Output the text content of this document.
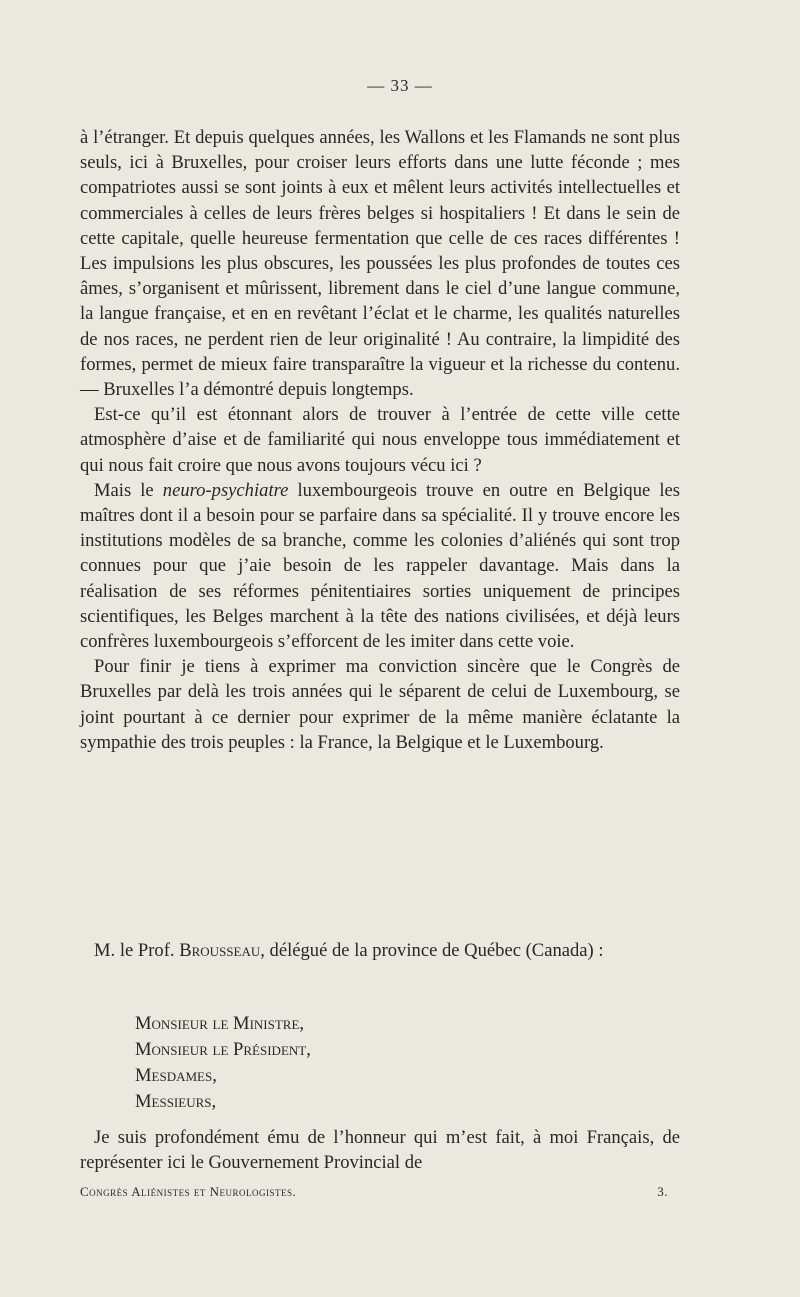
— 33 —

à l’étranger. Et depuis quelques années, les Wallons et les Flamands ne sont plus seuls, ici à Bruxelles, pour croiser leurs efforts dans une lutte féconde ; mes compatriotes aussi se sont joints à eux et mêlent leurs activités intellectuelles et commerciales à celles de leurs frères belges si hospitaliers ! Et dans le sein de cette capitale, quelle heureuse fermentation que celle de ces races différentes ! Les impulsions les plus obscures, les poussées les plus profondes de toutes ces âmes, s’organisent et mûrissent, librement dans le ciel d’une langue commune, la langue française, et en en revêtant l’éclat et le charme, les qualités naturelles de nos races, ne perdent rien de leur originalité ! Au contraire, la limpidité des formes, permet de mieux faire transparaître la vigueur et la richesse du contenu. — Bruxelles l’a démontré depuis longtemps.

Est-ce qu’il est étonnant alors de trouver à l’entrée de cette ville cette atmosphère d’aise et de familiarité qui nous enveloppe tous immédiatement et qui nous fait croire que nous avons toujours vécu ici ?

Mais le neuro-psychiatre luxembourgeois trouve en outre en Belgique les maîtres dont il a besoin pour se parfaire dans sa spécialité. Il y trouve encore les institutions modèles de sa branche, comme les colonies d’aliénés qui sont trop connues pour que j’aie besoin de les rappeler davantage. Mais dans la réalisation de ses réformes pénitentiaires sorties uniquement de principes scientifiques, les Belges marchent à la tête des nations civilisées, et déjà leurs confrères luxembourgeois s’efforcent de les imiter dans cette voie.

Pour finir je tiens à exprimer ma conviction sincère que le Congrès de Bruxelles par delà les trois années qui le séparent de celui de Luxembourg, se joint pourtant à ce dernier pour exprimer de la même manière éclatante la sympathie des trois peuples : la France, la Belgique et le Luxembourg.

M. le Prof. Brousseau, délégué de la province de Québec (Canada) :
Monsieur le Ministre,
Monsieur le Président,
Mesdames,
Messieurs,

Je suis profondément ému de l’honneur qui m’est fait, à moi Français, de représenter ici le Gouvernement Provincial de

Congrès Aliénistes et Neurologistes.	3.
